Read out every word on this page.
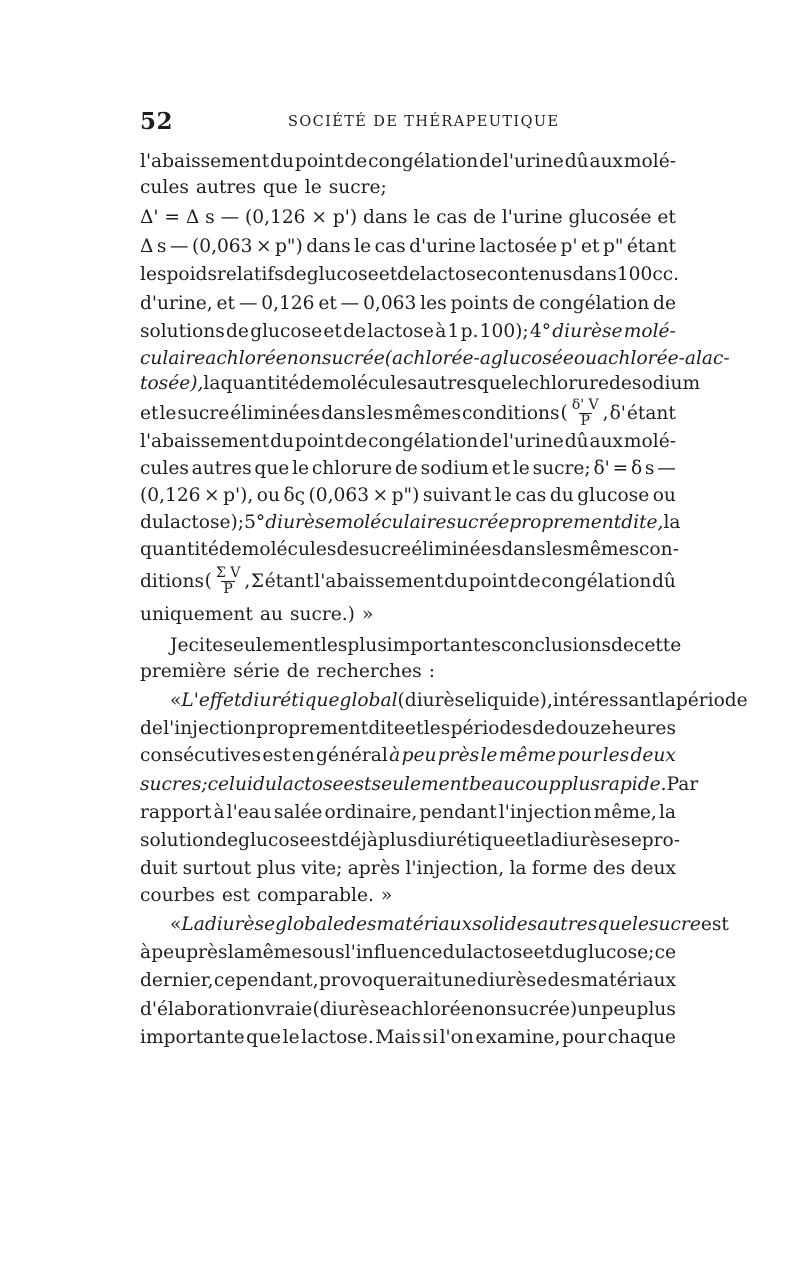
52	SOCIÉTÉ DE THÉRAPEUTIQUE
l'abaissement du point de congélation de l'urine dû aux molé-
cules autres que le sucre;
Δ' = Δ s — (0,126 × p') dans le cas de l'urine glucosée et
Δ s — (0,063 × p") dans le cas d'urine lactosée p' et p" étant
les poids relatifs de glucose et de lactose contenus dans 100 cc.
d'urine, et — 0,126 et — 0,063 les points de congélation de
solutions de glucose et de lactose à 1 p. 100); 4° diurèse molé-
culaire achlorée non sucrée (achlorée-aglucosée ou achlorée-alac-
tosée), la quantité de molécules autres que le chlorure de sodium
et le sucre éliminées dans les mêmes conditions ( $\frac{\delta' V}{P}$ , δ' étant
l'abaissement du point de congélation de l'urine dû aux molé-
cules autres que le chlorure de sodium et le sucre; δ' = δ s —
(0,126 × p'), ou δς (0,063 × p") suivant le cas du glucose ou
du lactose); 5° diurèse moléculaire sucrée proprement dite, la
quantité de molécules de sucre éliminées dans les mêmes con-
ditions ( $\frac{\text{Σ V}}{P}$ , Σ étant l'abaissement du point de congélation dû
uniquement au sucre.) »
Je cite seulement les plus importantes conclusions de cette
première série de recherches :
« L'effet diurétique global (diurèse liquide), intéressant la période
de l'injection proprement dite et les périodes de douze heures
consécutives est en général à peu près le même pour les deux
sucres; celui du lactose est seulement beaucoup plus rapide. Par
rapport à l'eau salée ordinaire, pendant l'injection même, la
solution de glucose est déjà plus diurétique et la diurèse se pro-
duit surtout plus vite; après l'injection, la forme des deux
courbes est comparable. »
« La diurèse globale des matériaux solides autres que le sucre est
à peu près la même sous l'influence du lactose et du glucose; ce
dernier, cependant, provoquerait une diurèse des matériaux
d'élaboration vraie (diurèse achlorée non sucrée) un peu plus
importante que le lactose. Mais si l'on examine, pour chaque
